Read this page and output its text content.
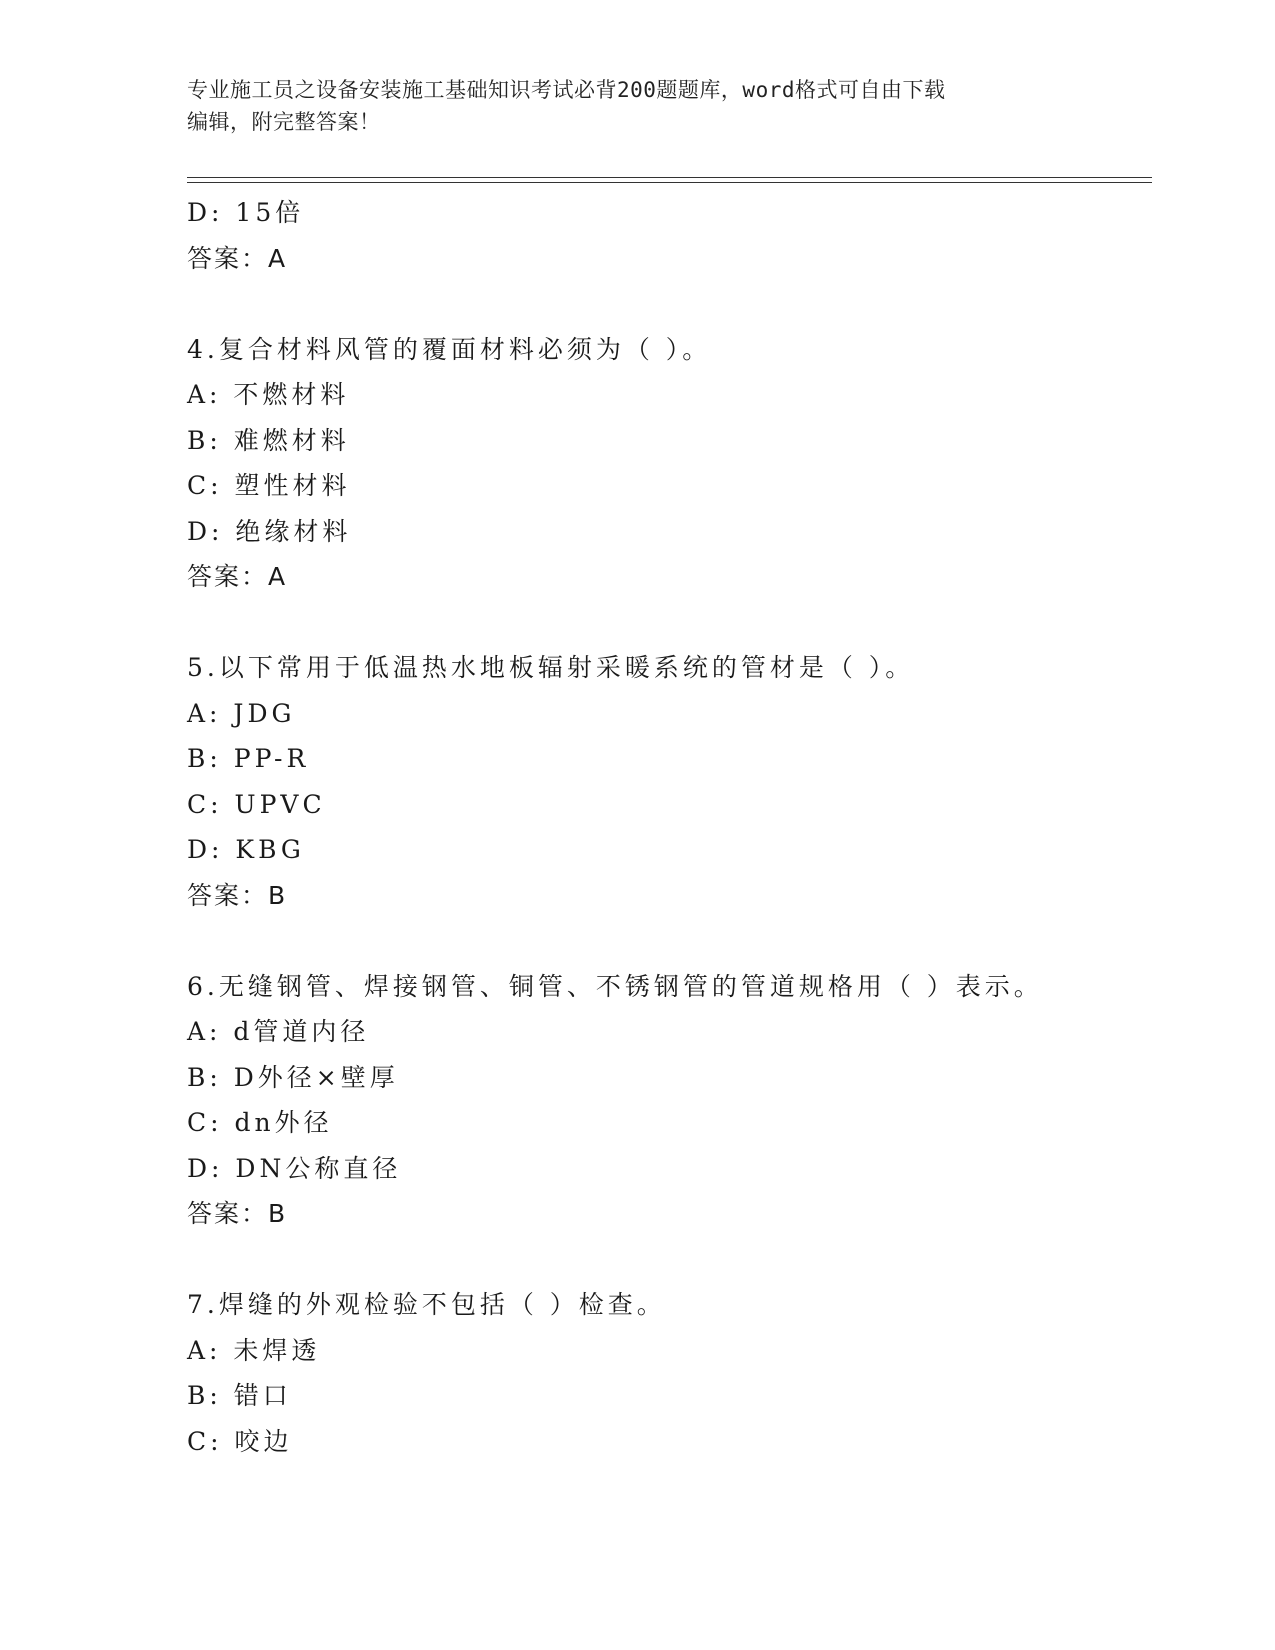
专业施工员之设备安装施工基础知识考试必背200题题库，word格式可自由下载
编辑，附完整答案！
D: 15倍
答案：A
4.复合材料风管的覆面材料必须为（ ）。
A: 不燃材料
B: 难燃材料
C: 塑性材料
D: 绝缘材料
答案：A
5.以下常用于低温热水地板辐射采暖系统的管材是（ ）。
A: JDG
B: PP-R
C: UPVC
D: KBG
答案：B
6.无缝钢管、焊接钢管、铜管、不锈钢管的管道规格用（ ）表示。
A: d管道内径
B: D外径×壁厚
C: dn外径
D: DN公称直径
答案：B
7.焊缝的外观检验不包括（ ）检查。
A: 未焊透
B: 错口
C: 咬边
